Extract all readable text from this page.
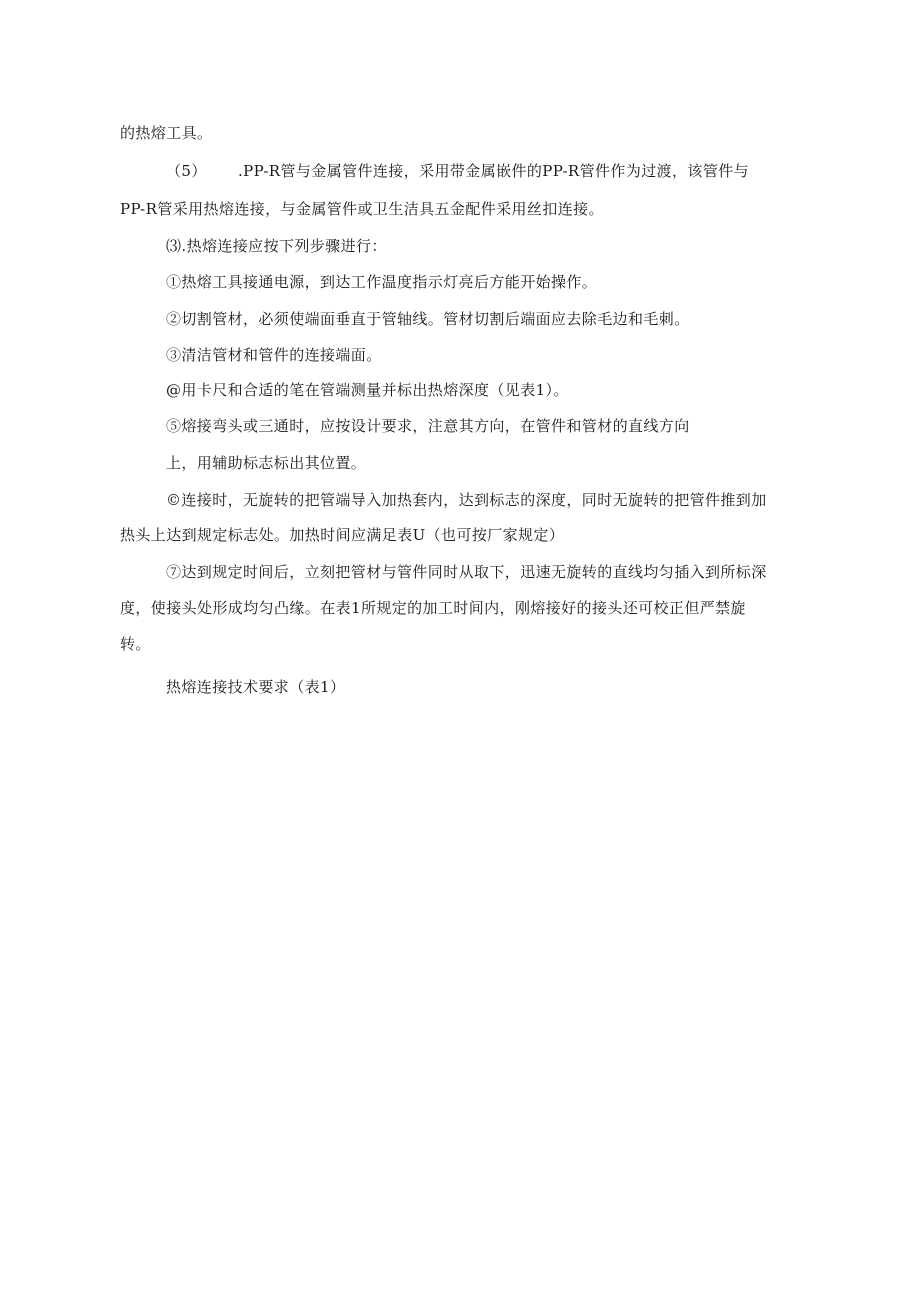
的热熔工具。
（5） .PP-R管与金属管件连接，采用带金属嵌件的PP-R管件作为过渡，该管件与
PP-R管采用热熔连接，与金属管件或卫生洁具五金配件采用丝扣连接。
⑶.热熔连接应按下列步骤进行：
①热熔工具接通电源，到达工作温度指示灯亮后方能开始操作。
②切割管材，必须使端面垂直于管轴线。管材切割后端面应去除毛边和毛刺。
③清洁管材和管件的连接端面。
@用卡尺和合适的笔在管端测量并标出热熔深度（见表1）。
⑤熔接弯头或三通时，应按设计要求，注意其方向，在管件和管材的直线方向
上，用辅助标志标出其位置。
©连接时，无旋转的把管端导入加热套内，达到标志的深度，同时无旋转的把管件推到加
热头上达到规定标志处。加热时间应满足表U（也可按厂家规定）
⑦达到规定时间后，立刻把管材与管件同时从取下，迅速无旋转的直线均匀插入到所标深
度，使接头处形成均匀凸缘。在表1所规定的加工时间内，刚熔接好的接头还可校正但严禁旋
转。
热熔连接技术要求（表1）
